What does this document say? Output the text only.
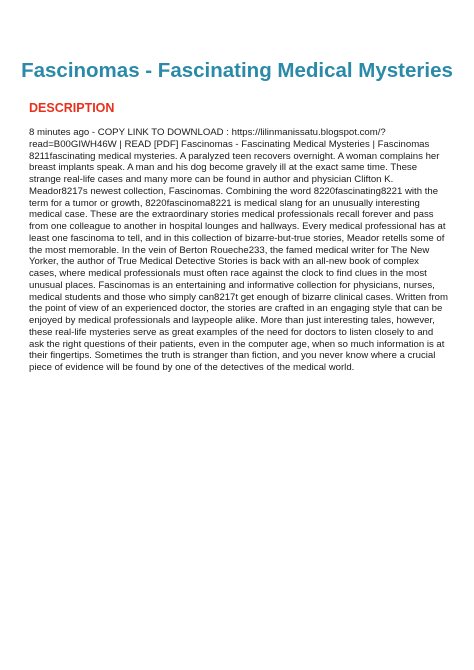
Fascinomas - Fascinating Medical Mysteries
DESCRIPTION

8 minutes ago - COPY LINK TO DOWNLOAD : https://lilinmanissatu.blogspot.com/?read=B00GIWH46W | READ [PDF] Fascinomas - Fascinating Medical Mysteries | Fascinomas 8211fascinating medical mysteries. A paralyzed teen recovers overnight. A woman complains her breast implants speak. A man and his dog become gravely ill at the exact same time. These strange real-life cases and many more can be found in author and physician Clifton K. Meador8217s newest collection, Fascinomas. Combining the word 8220fascinating8221 with the term for a tumor or growth, 8220fascinoma8221 is medical slang for an unusually interesting medical case. These are the extraordinary stories medical professionals recall forever and pass from one colleague to another in hospital lounges and hallways. Every medical professional has at least one fascinoma to tell, and in this collection of bizarre-but-true stories, Meador retells some of the most memorable. In the vein of Berton Roueche233, the famed medical writer for The New Yorker, the author of True Medical Detective Stories is back with an all-new book of complex cases, where medical professionals must often race against the clock to find clues in the most unusual places. Fascinomas is an entertaining and informative collection for physicians, nurses, medical students and those who simply can8217t get enough of bizarre clinical cases. Written from the point of view of an experienced doctor, the stories are crafted in an engaging style that can be enjoyed by medical professionals and laypeople alike. More than just interesting tales, however, these real-life mysteries serve as great examples of the need for doctors to listen closely to and ask the right questions of their patients, even in the computer age, when so much information is at their fingertips. Sometimes the truth is stranger than fiction, and you never know where a crucial piece of evidence will be found by one of the detectives of the medical world.
